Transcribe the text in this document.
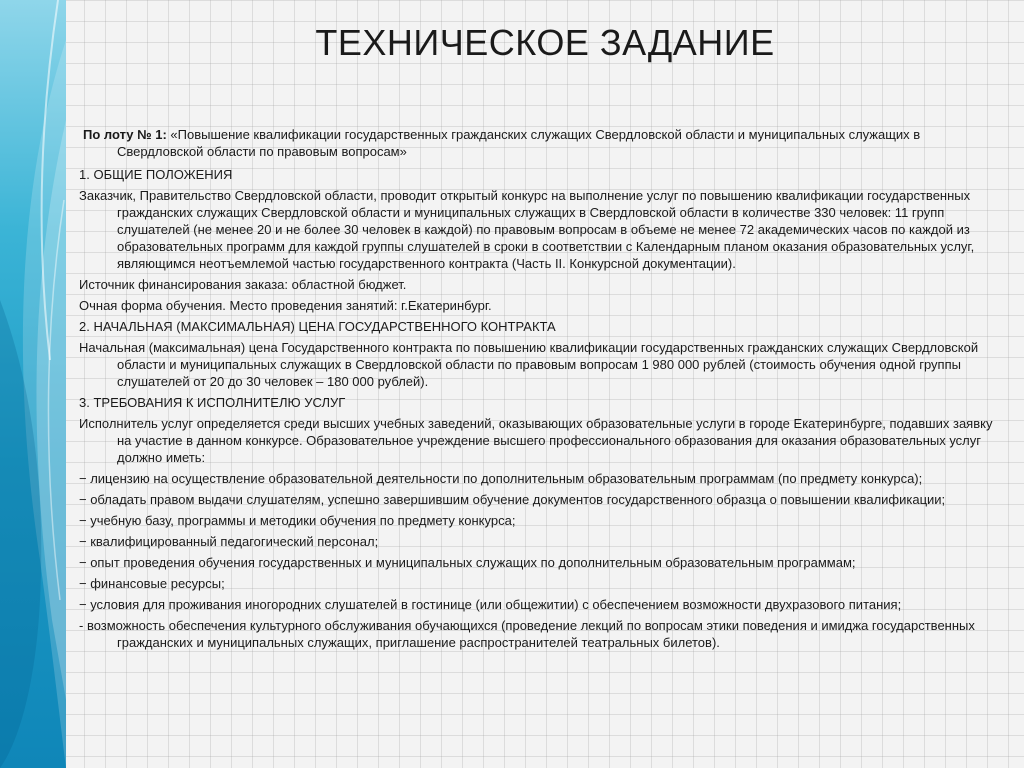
ТЕХНИЧЕСКОЕ ЗАДАНИЕ

По лоту № 1: «Повышение квалификации государственных гражданских служащих Свердловской области и муниципальных служащих в Свердловской области по правовым вопросам»

1. ОБЩИЕ ПОЛОЖЕНИЯ

Заказчик, Правительство Свердловской области, проводит открытый конкурс на выполнение услуг по повышению квалификации государственных гражданских служащих Свердловской области и муниципальных служащих в Свердловской области в количестве 330 человек: 11 групп слушателей (не менее 20 и не более 30 человек в каждой) по правовым вопросам в объеме не менее 72 академических часов по каждой из образовательных программ для каждой группы слушателей в сроки в соответствии с Календарным планом оказания образовательных услуг, являющимся неотъемлемой частью государственного контракта (Часть II. Конкурсной документации).

Источник финансирования заказа: областной бюджет.

Очная форма обучения. Место проведения занятий: г.Екатеринбург.

2. НАЧАЛЬНАЯ (МАКСИМАЛЬНАЯ) ЦЕНА ГОСУДАРСТВЕННОГО КОНТРАКТА

Начальная (максимальная) цена Государственного контракта по повышению квалификации государственных гражданских служащих Свердловской области и муниципальных служащих в Свердловской области по правовым вопросам 1 980 000 рублей (стоимость обучения одной группы слушателей от 20 до 30 человек – 180 000 рублей).

3. ТРЕБОВАНИЯ К ИСПОЛНИТЕЛЮ УСЛУГ

Исполнитель услуг определяется среди высших учебных заведений, оказывающих образовательные услуги в городе Екатеринбурге, подавших заявку на участие в данном конкурсе. Образовательное учреждение высшего профессионального образования для оказания образовательных услуг должно иметь:

− лицензию на осуществление образовательной деятельности по дополнительным образовательным программам (по предмету конкурса);

− обладать правом выдачи слушателям, успешно завершившим обучение документов государственного образца о повышении квалификации;

− учебную базу, программы и методики обучения по предмету конкурса;

− квалифицированный педагогический персонал;

− опыт проведения обучения государственных и муниципальных служащих по дополнительным образовательным программам;

− финансовые ресурсы;

− условия для проживания иногородних слушателей в гостинице (или общежитии) с обеспечением возможности двухразового питания;

- возможность обеспечения культурного обслуживания обучающихся (проведение лекций по вопросам этики поведения и имиджа государственных гражданских и муниципальных служащих, приглашение распространителей театральных билетов).
